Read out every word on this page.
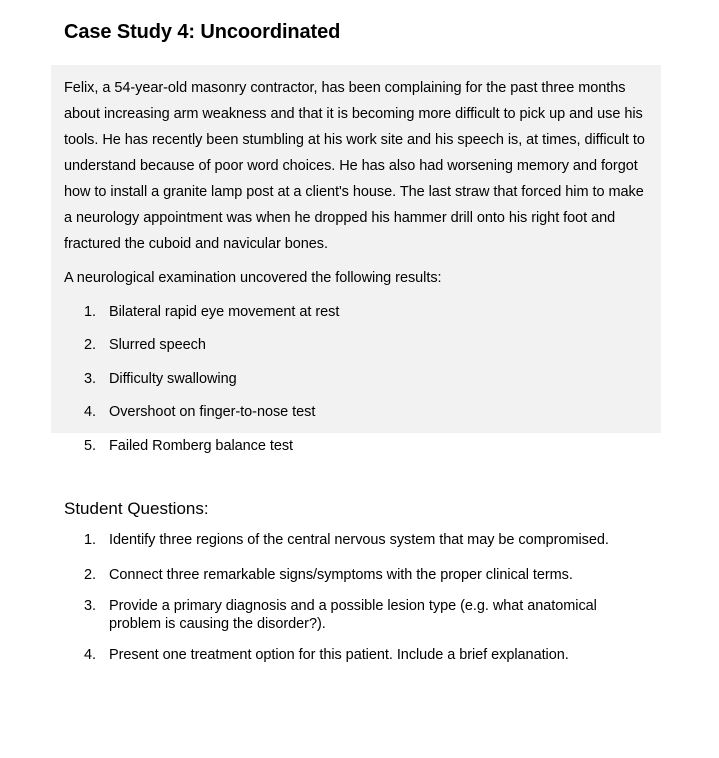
Case Study 4: Uncoordinated

Felix, a 54-year-old masonry contractor, has been complaining for the past three months about increasing arm weakness and that it is becoming more difficult to pick up and use his tools. He has recently been stumbling at his work site and his speech is, at times, difficult to understand because of poor word choices. He has also had worsening memory and forgot how to install a granite lamp post at a client's house. The last straw that forced him to make a neurology appointment was when he dropped his hammer drill onto his right foot and fractured the cuboid and navicular bones.

A neurological examination uncovered the following results:

1. Bilateral rapid eye movement at rest
2. Slurred speech
3. Difficulty swallowing
4. Overshoot on finger-to-nose test
5. Failed Romberg balance test
Student Questions:
1. Identify three regions of the central nervous system that may be compromised.
2. Connect three remarkable signs/symptoms with the proper clinical terms.
3. Provide a primary diagnosis and a possible lesion type (e.g. what anatomical problem is causing the disorder?).
4. Present one treatment option for this patient. Include a brief explanation.
